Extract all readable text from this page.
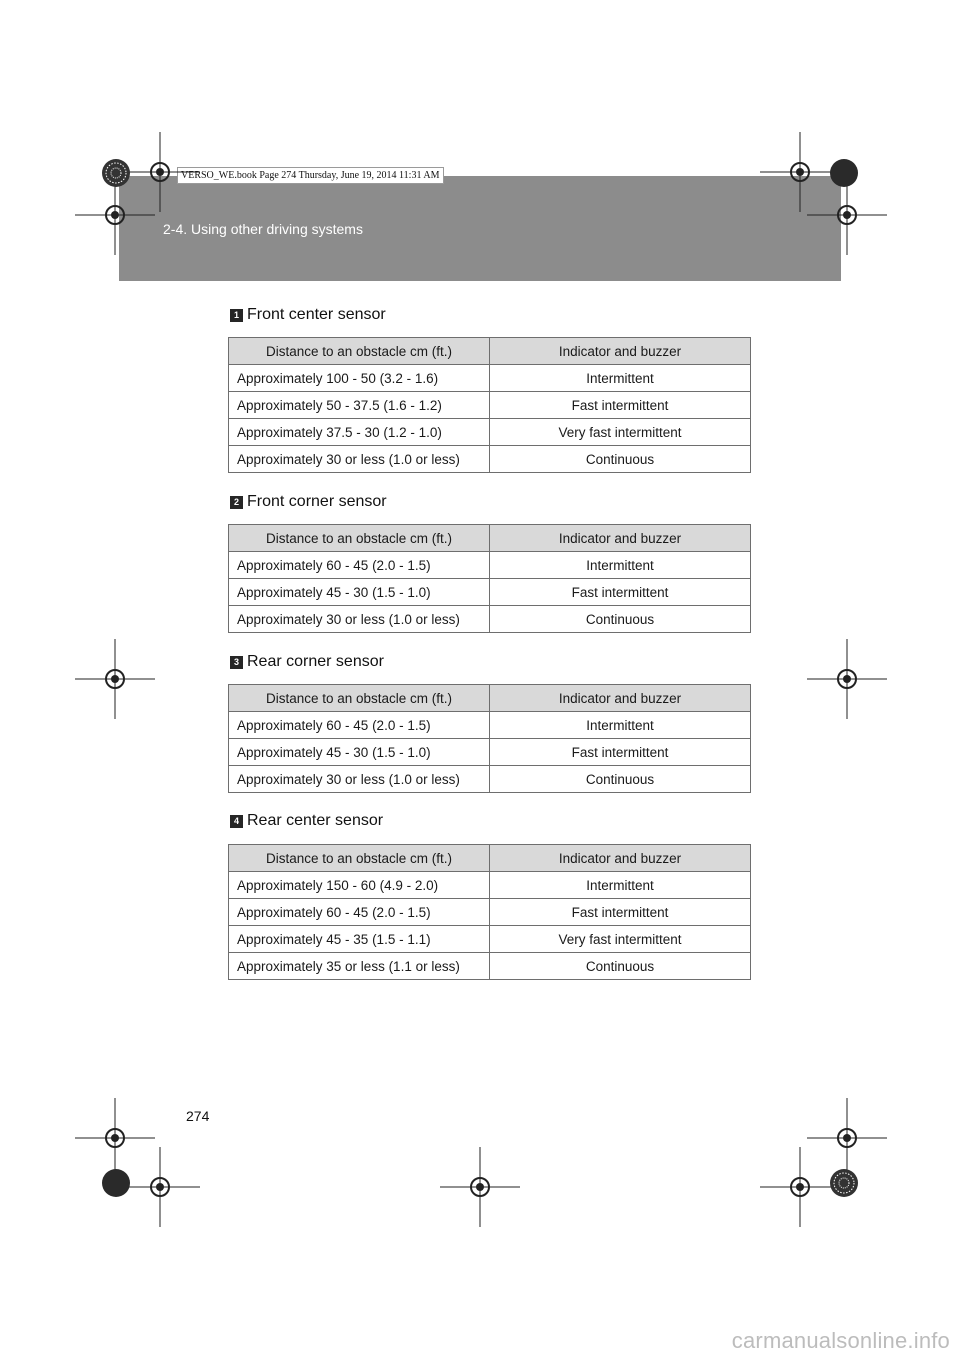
2-4. Using other driving systems
VERSO_WE.book Page 274 Thursday, June 19, 2014 11:31 AM
1 Front center sensor
Distance to an obstacle cm (ft.)	Indicator and buzzer
Approximately 100 - 50 (3.2 - 1.6)	Intermittent
Approximately 50 - 37.5 (1.6 - 1.2)	Fast intermittent
Approximately 37.5 - 30 (1.2 - 1.0)	Very fast intermittent
Approximately 30 or less (1.0 or less)	Continuous
2 Front corner sensor
Distance to an obstacle cm (ft.)	Indicator and buzzer
Approximately 60 - 45 (2.0 - 1.5)	Intermittent
Approximately 45 - 30 (1.5 - 1.0)	Fast intermittent
Approximately 30 or less (1.0 or less)	Continuous
3 Rear corner sensor
Distance to an obstacle cm (ft.)	Indicator and buzzer
Approximately 60 - 45 (2.0 - 1.5)	Intermittent
Approximately 45 - 30 (1.5 - 1.0)	Fast intermittent
Approximately 30 or less (1.0 or less)	Continuous
4 Rear center sensor
Distance to an obstacle cm (ft.)	Indicator and buzzer
Approximately 150 - 60 (4.9 - 2.0)	Intermittent
Approximately 60 - 45 (2.0 - 1.5)	Fast intermittent
Approximately 45 - 35 (1.5 - 1.1)	Very fast intermittent
Approximately 35 or less (1.1 or less)	Continuous
274
carmanualsonline.info
